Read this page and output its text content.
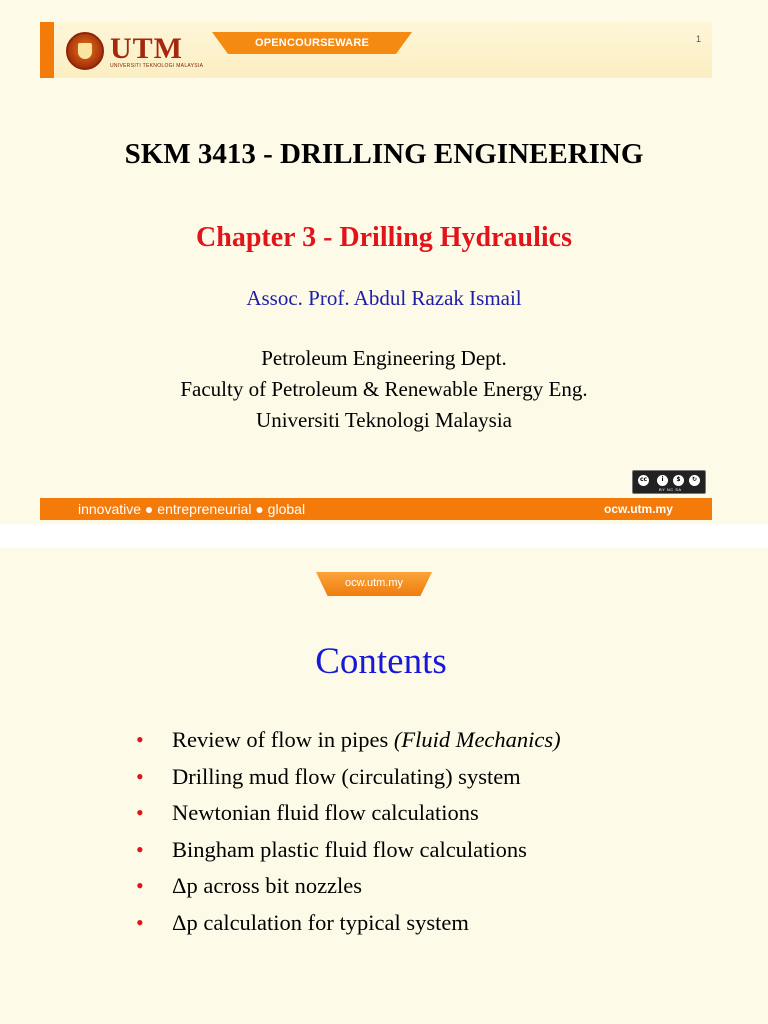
UTM
UNIVERSITI TEKNOLOGI MALAYSIA
OPENCOURSEWARE	1
SKM 3413 - DRILLING ENGINEERING
Chapter 3 - Drilling Hydraulics
Assoc. Prof. Abdul Razak Ismail
Petroleum Engineering Dept.
Faculty of Petroleum & Renewable Energy Eng.
Universiti Teknologi Malaysia
cc	i	$	↻
BY NC SA
innovative ● entrepreneurial ● global	ocw.utm.my
ocw.utm.my
Contents
• Review of flow in pipes (Fluid Mechanics)
• Drilling mud flow (circulating) system
• Newtonian fluid flow calculations
• Bingham plastic fluid flow calculations
• Δp across bit nozzles
• Δp calculation for typical system
